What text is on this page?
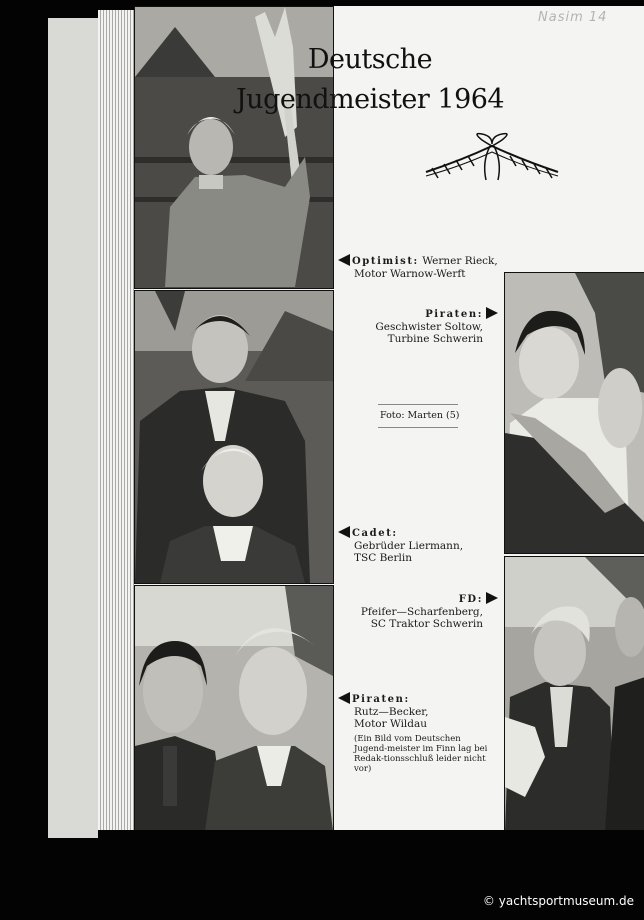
Nasim 14
Deutsche
Jugendmeister 1964
Optimist: Werner Rieck,
Motor Warnow-Werft
Piraten:
Geschwister Soltow,
Turbine Schwerin
Foto: Marten (5)
Cadet:
Gebrüder Liermann,
TSC Berlin
FD:
Pfeifer—Scharfenberg,
SC Traktor Schwerin
Piraten:
Rutz—Becker,
Motor Wildau
(Ein Bild vom Deutschen Jugend-meister im Finn lag bei Redak-tionsschluß leider nicht vor)
© yachtsportmuseum.de
